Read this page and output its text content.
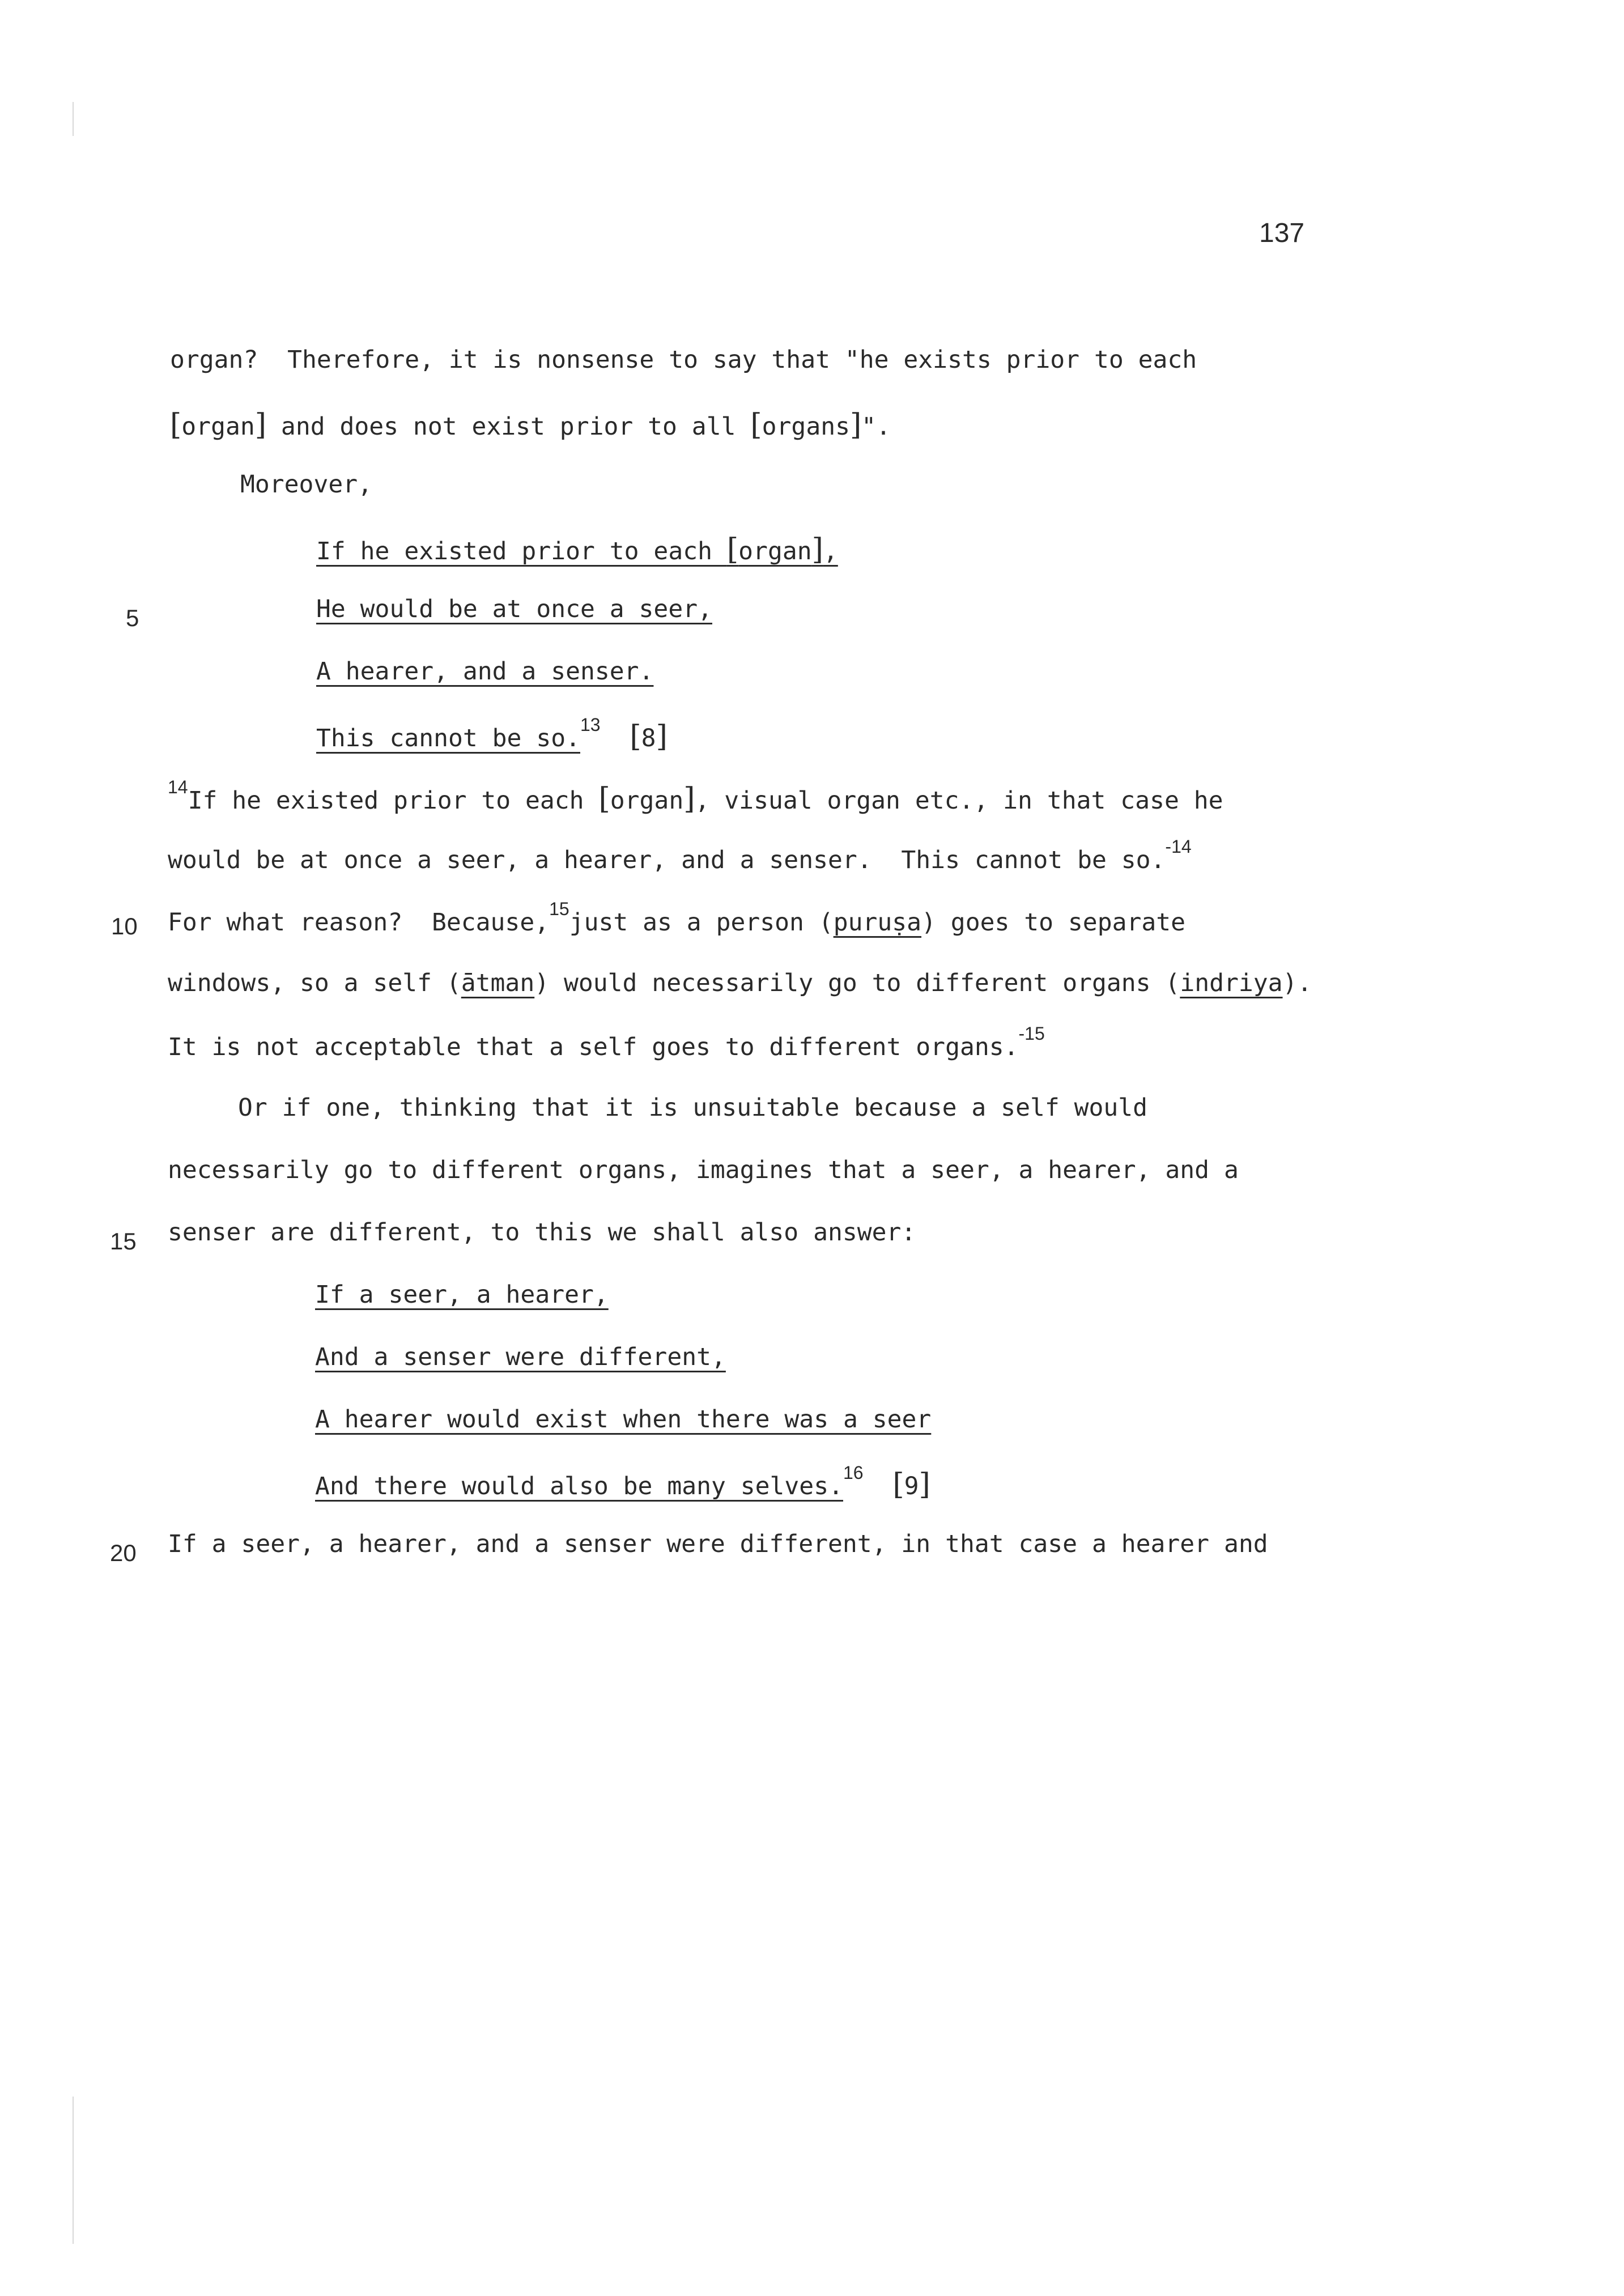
137
5
10
15
20
organ?  Therefore, it is nonsense to say that "he exists prior to each
[organ] and does not exist prior to all [organs]".
Moreover,
If he existed prior to each [organ],
He would be at once a seer,
A hearer, and a senser.
This cannot be so.$^{13}$ [8]
$^{14}$If he existed prior to each [organ], visual organ etc., in that case he
would be at once a seer, a hearer, and a senser.  This cannot be so.$^{-14}$
For what reason?  Because,$^{15}$just as a person (puruṣa) goes to separate
windows, so a self (ātman) would necessarily go to different organs (indriya).
It is not acceptable that a self goes to different organs.$^{-15}$
Or if one, thinking that it is unsuitable because a self would
necessarily go to different organs, imagines that a seer, a hearer, and a
senser are different, to this we shall also answer:
If a seer, a hearer,
And a senser were different,
A hearer would exist when there was a seer
And there would also be many selves.$^{16}$ [9]
If a seer, a hearer, and a senser were different, in that case a hearer and
